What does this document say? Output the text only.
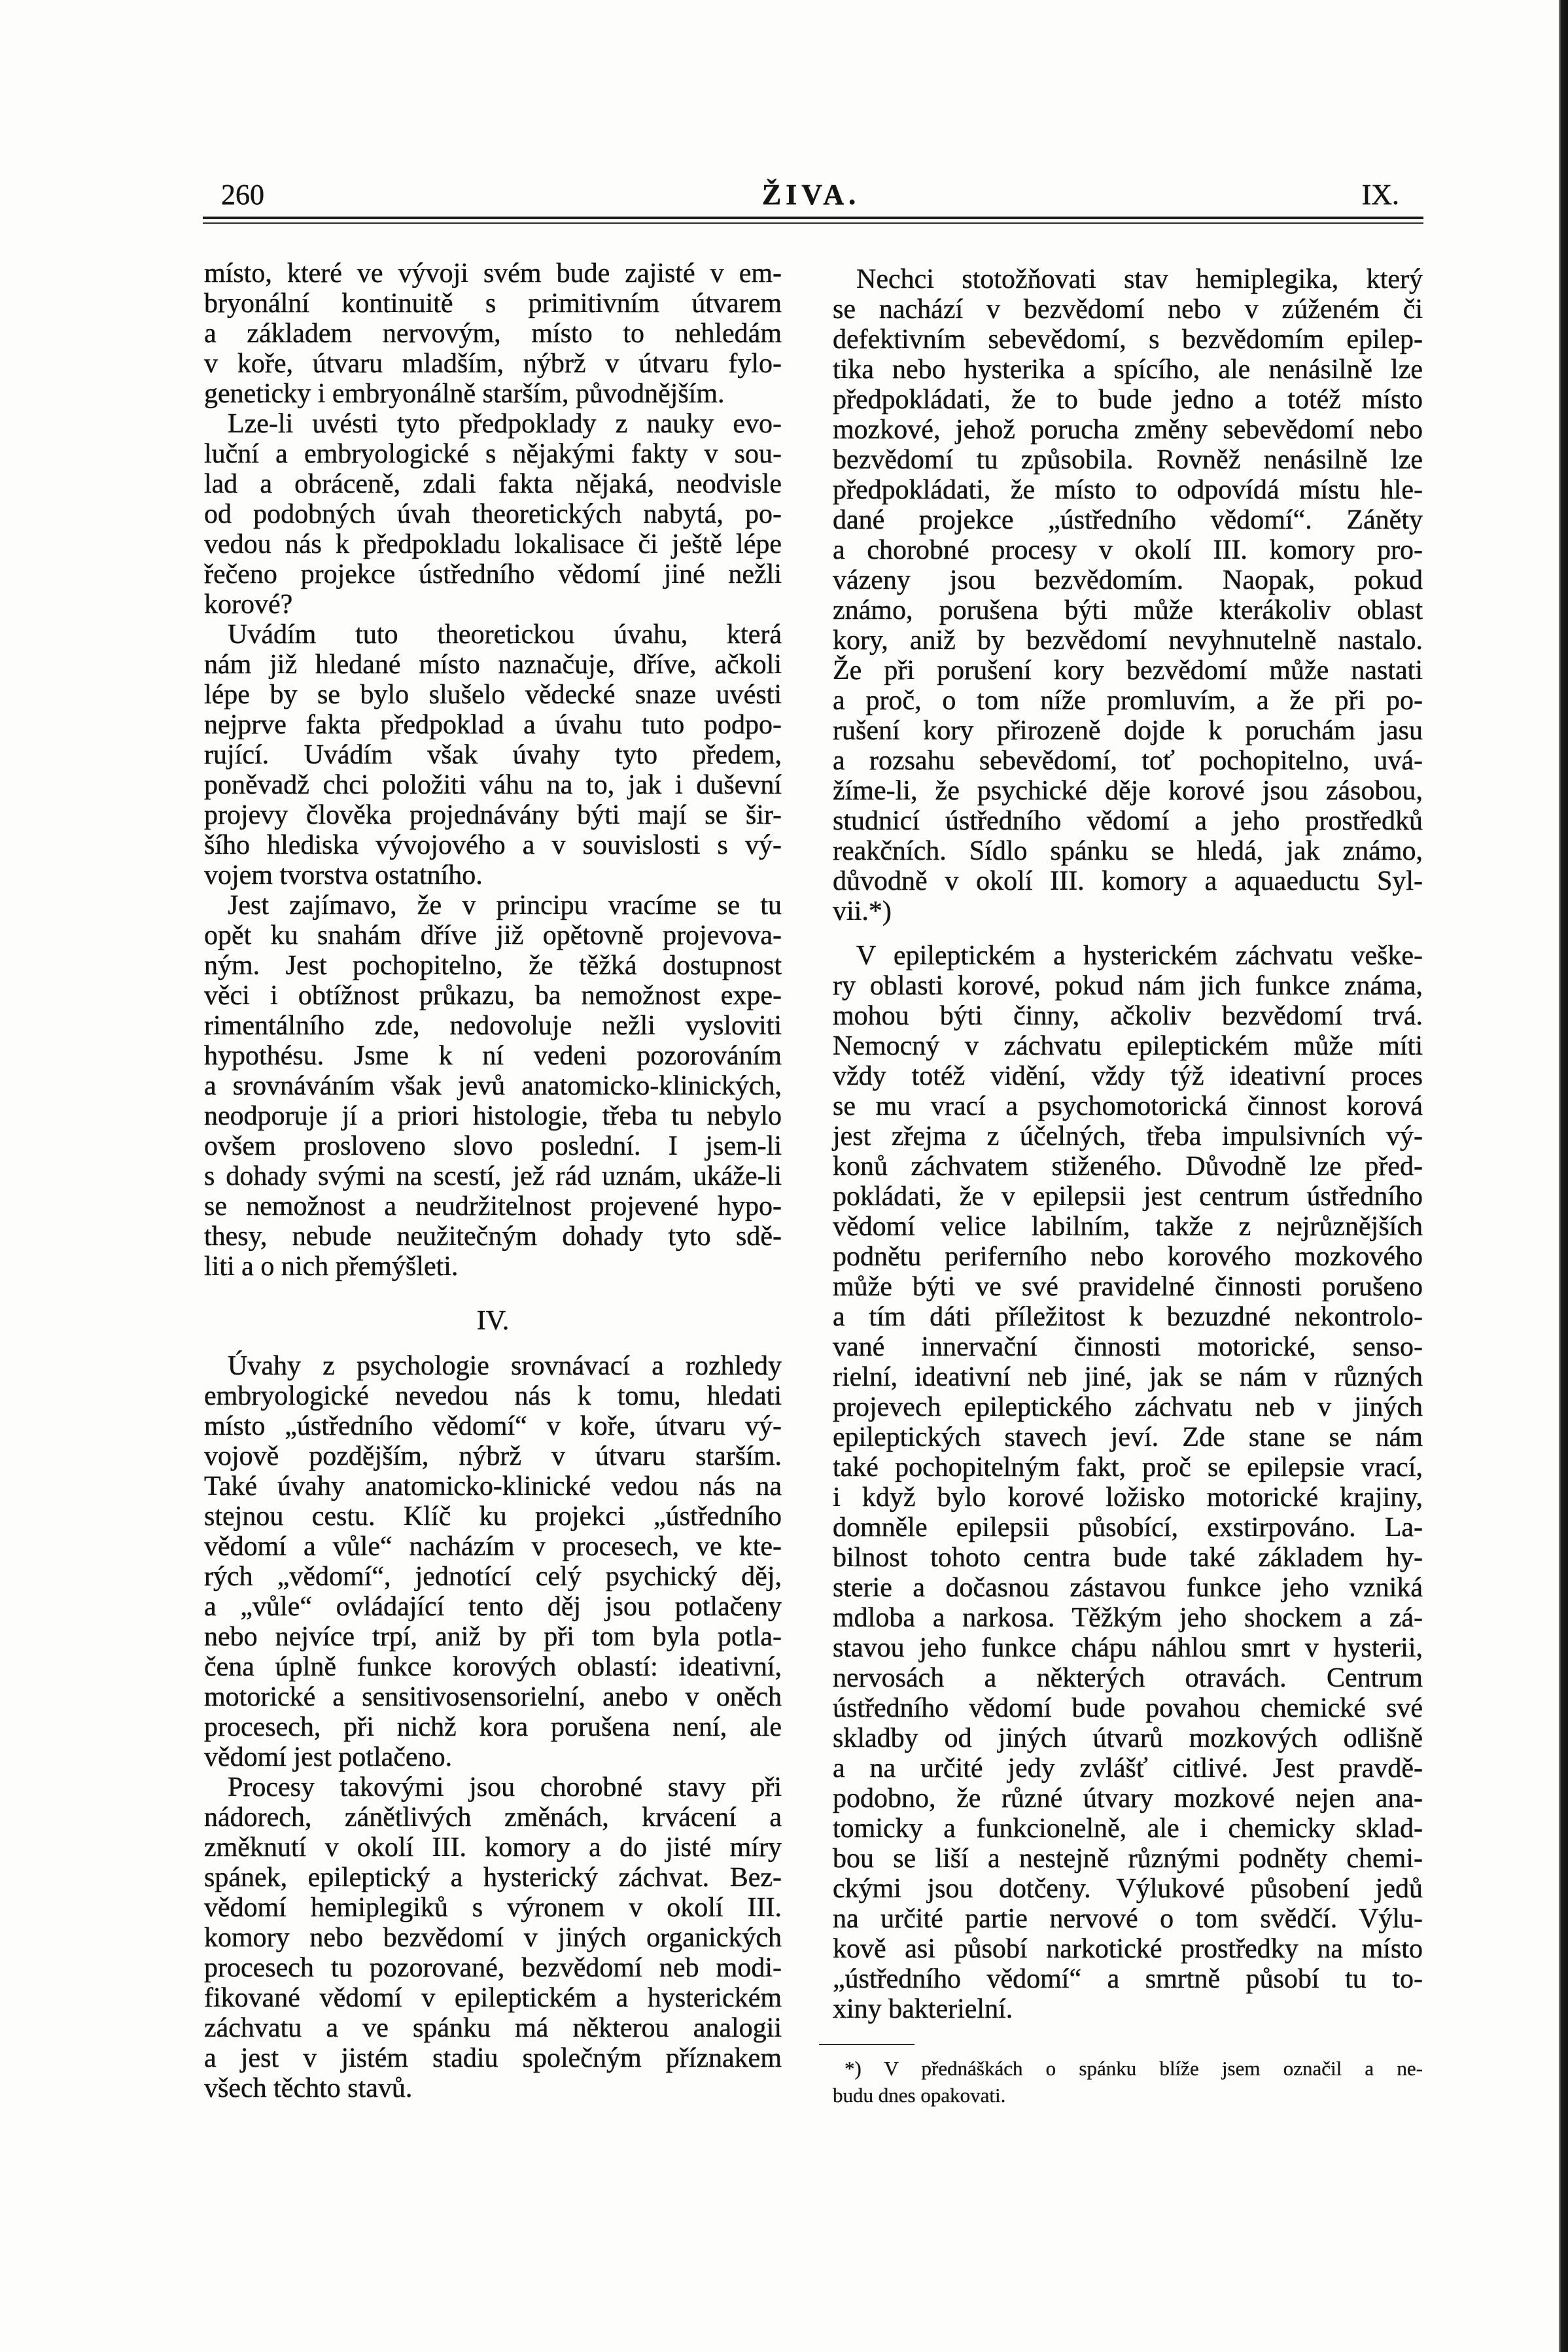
260	ŽIVA.	IX.
místo, které ve vývoji svém bude zajisté v em-
bryonální kontinuitě s primitivním útvarem
a základem nervovým, místo to nehledám
v koře, útvaru mladším, nýbrž v útvaru fylo-
geneticky i embryonálně starším, původnějším.
Lze-li uvésti tyto předpoklady z nauky evo-
luční a embryologické s nějakými fakty v sou-
lad a obráceně, zdali fakta nějaká, neodvisle
od podobných úvah theoretických nabytá, po-
vedou nás k předpokladu lokalisace či ještě lépe
řečeno projekce ústředního vědomí jiné nežli
korové?
Uvádím tuto theoretickou úvahu, která
nám již hledané místo naznačuje, dříve, ačkoli
lépe by se bylo slušelo vědecké snaze uvésti
nejprve fakta předpoklad a úvahu tuto podpo-
rující. Uvádím však úvahy tyto předem,
poněvadž chci položiti váhu na to, jak i duševní
projevy člověka projednávány býti mají se šir-
šího hlediska vývojového a v souvislosti s vý-
vojem tvorstva ostatního.
Jest zajímavo, že v principu vracíme se tu
opět ku snahám dříve již opětovně projevova-
ným. Jest pochopitelno, že těžká dostupnost
věci i obtížnost průkazu, ba nemožnost expe-
rimentálního zde, nedovoluje nežli vysloviti
hypothésu. Jsme k ní vedeni pozorováním
a srovnáváním však jevů anatomicko-klinických,
neodporuje jí a priori histologie, třeba tu nebylo
ovšem prosloveno slovo poslední. I jsem-li
s dohady svými na scestí, jež rád uznám, ukáže-li
se nemožnost a neudržitelnost projevené hypo-
thesy, nebude neužitečným dohady tyto sdě-
liti a o nich přemýšleti.
IV.
Úvahy z psychologie srovnávací a rozhledy
embryologické nevedou nás k tomu, hledati
místo „ústředního vědomí“ v koře, útvaru vý-
vojově pozdějším, nýbrž v útvaru starším.
Také úvahy anatomicko-klinické vedou nás na
stejnou cestu. Klíč ku projekci „ústředního
vědomí a vůle“ nacházím v procesech, ve kte-
rých „vědomí“, jednotící celý psychický děj,
a „vůle“ ovládající tento děj jsou potlačeny
nebo nejvíce trpí, aniž by při tom byla potla-
čena úplně funkce korových oblastí: ideativní,
motorické a sensitivosensorielní, anebo v oněch
procesech, při nichž kora porušena není, ale
vědomí jest potlačeno.
Procesy takovými jsou chorobné stavy při
nádorech, zánětlivých změnách, krvácení a
změknutí v okolí III. komory a do jisté míry
spánek, epileptický a hysterický záchvat. Bez-
vědomí hemiplegiků s výronem v okolí III.
komory nebo bezvědomí v jiných organických
procesech tu pozorované, bezvědomí neb modi-
fikované vědomí v epileptickém a hysterickém
záchvatu a ve spánku má některou analogii
a jest v jistém stadiu společným příznakem
všech těchto stavů.
Nechci stotožňovati stav hemiplegika, který
se nachází v bezvědomí nebo v zúženém či
defektivním sebevědomí, s bezvědomím epilep-
tika nebo hysterika a spícího, ale nenásilně lze
předpokládati, že to bude jedno a totéž místo
mozkové, jehož porucha změny sebevědomí nebo
bezvědomí tu způsobila. Rovněž nenásilně lze
předpokládati, že místo to odpovídá místu hle-
dané projekce „ústředního vědomí“. Záněty
a chorobné procesy v okolí III. komory pro-
vázeny jsou bezvědomím. Naopak, pokud
známo, porušena býti může kterákoliv oblast
kory, aniž by bezvědomí nevyhnutelně nastalo.
Že při porušení kory bezvědomí může nastati
a proč, o tom níže promluvím, a že při po-
rušení kory přirozeně dojde k poruchám jasu
a rozsahu sebevědomí, toť pochopitelno, uvá-
žíme-li, že psychické děje korové jsou zásobou,
studnicí ústředního vědomí a jeho prostředků
reakčních. Sídlo spánku se hledá, jak známo,
důvodně v okolí III. komory a aquaeductu Syl-
vii.*)
V epileptickém a hysterickém záchvatu veške-
ry oblasti korové, pokud nám jich funkce známa,
mohou býti činny, ačkoliv bezvědomí trvá.
Nemocný v záchvatu epileptickém může míti
vždy totéž vidění, vždy týž ideativní proces
se mu vrací a psychomotorická činnost korová
jest zřejma z účelných, třeba impulsivních vý-
konů záchvatem stiženého. Důvodně lze před-
pokládati, že v epilepsii jest centrum ústředního
vědomí velice labilním, takže z nejrůznějších
podnětu periferního nebo korového mozkového
může býti ve své pravidelné činnosti porušeno
a tím dáti příležitost k bezuzdné nekontrolo-
vané innervační činnosti motorické, senso-
rielní, ideativní neb jiné, jak se nám v různých
projevech epileptického záchvatu neb v jiných
epileptických stavech jeví. Zde stane se nám
také pochopitelným fakt, proč se epilepsie vrací,
i když bylo korové ložisko motorické krajiny,
domněle epilepsii působící, exstirpováno. La-
bilnost tohoto centra bude také základem hy-
sterie a dočasnou zástavou funkce jeho vzniká
mdloba a narkosa. Těžkým jeho shockem a zá-
stavou jeho funkce chápu náhlou smrt v hysterii,
nervosách a některých otravách. Centrum
ústředního vědomí bude povahou chemické své
skladby od jiných útvarů mozkových odlišně
a na určité jedy zvlášť citlivé. Jest pravdě-
podobno, že různé útvary mozkové nejen ana-
tomicky a funkcionelně, ale i chemicky sklad-
bou se liší a nestejně různými podněty chemi-
ckými jsou dotčeny. Výlukové působení jedů
na určité partie nervové o tom svědčí. Výlu-
kově asi působí narkotické prostředky na místo
„ústředního vědomí“ a smrtně působí tu to-
xiny bakterielní.
*) V přednáškách o spánku blíže jsem označil a ne-
budu dnes opakovati.
